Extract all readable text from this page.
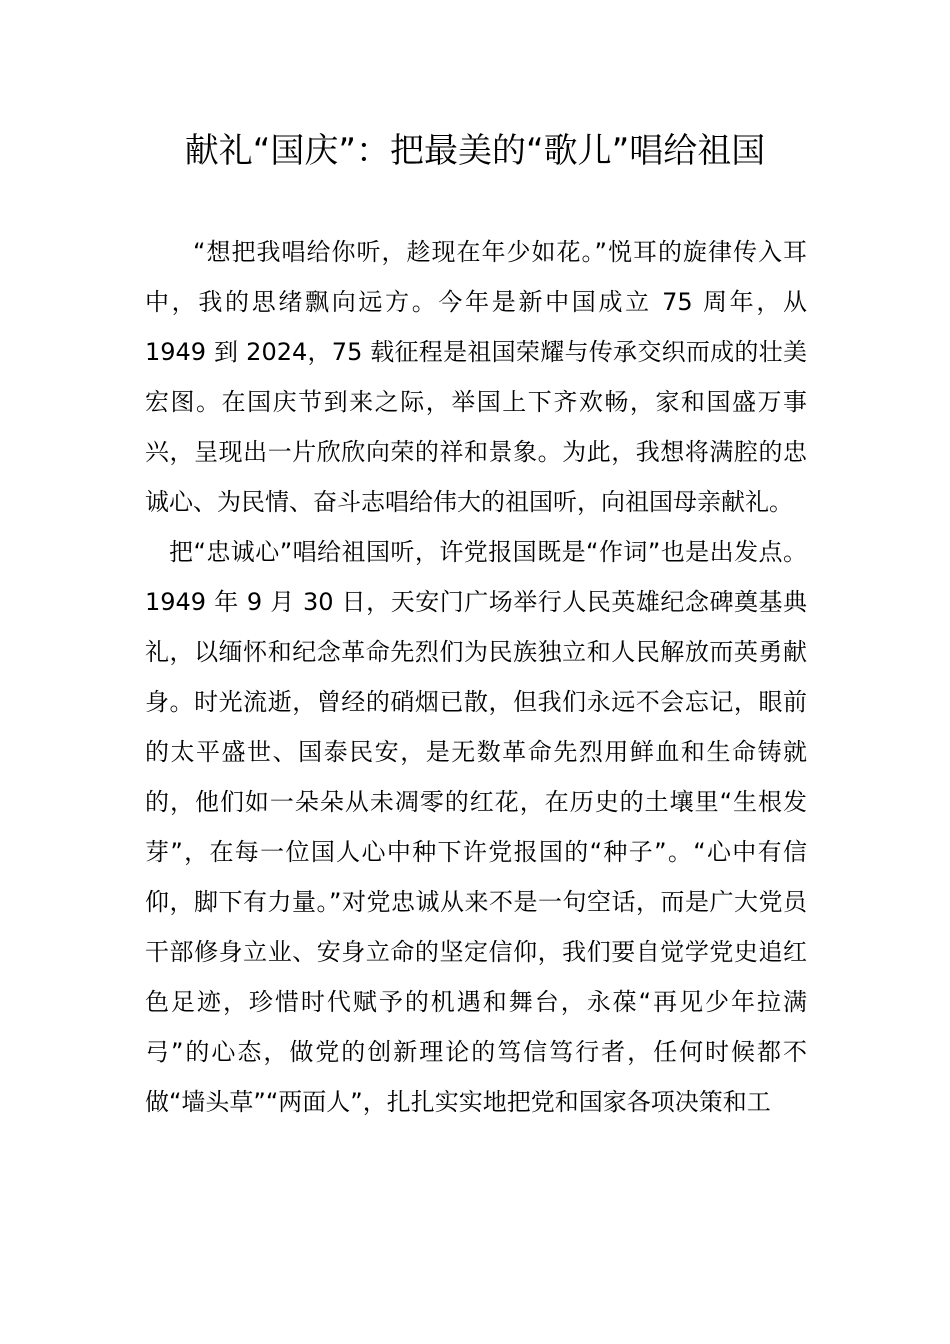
献礼“国庆”：把最美的“歌儿”唱给祖国

“想把我唱给你听，趁现在年少如花。”悦耳的旋律传入耳中，我的思绪飘向远方。今年是新中国成立 75 周年，从 1949 到 2024，75 载征程是祖国荣耀与传承交织而成的壮美宏图。在国庆节到来之际，举国上下齐欢畅，家和国盛万事兴，呈现出一片欣欣向荣的祥和景象。为此，我想将满腔的忠诚心、为民情、奋斗志唱给伟大的祖国听，向祖国母亲献礼。

把“忠诚心”唱给祖国听，许党报国既是“作词”也是出发点。1949 年 9 月 30 日，天安门广场举行人民英雄纪念碑奠基典礼，以缅怀和纪念革命先烈们为民族独立和人民解放而英勇献身。时光流逝，曾经的硝烟已散，但我们永远不会忘记，眼前的太平盛世、国泰民安，是无数革命先烈用鲜血和生命铸就的，他们如一朵朵从未凋零的红花，在历史的土壤里“生根发芽”，在每一位国人心中种下许党报国的“种子”。“心中有信仰，脚下有力量。”对党忠诚从来不是一句空话，而是广大党员干部修身立业、安身立命的坚定信仰，我们要自觉学党史追红色足迹，珍惜时代赋予的机遇和舞台，永葆“再见少年拉满弓”的心态，做党的创新理论的笃信笃行者，任何时候都不做“墙头草”“两面人”，扎扎实实地把党和国家各项决策和工
